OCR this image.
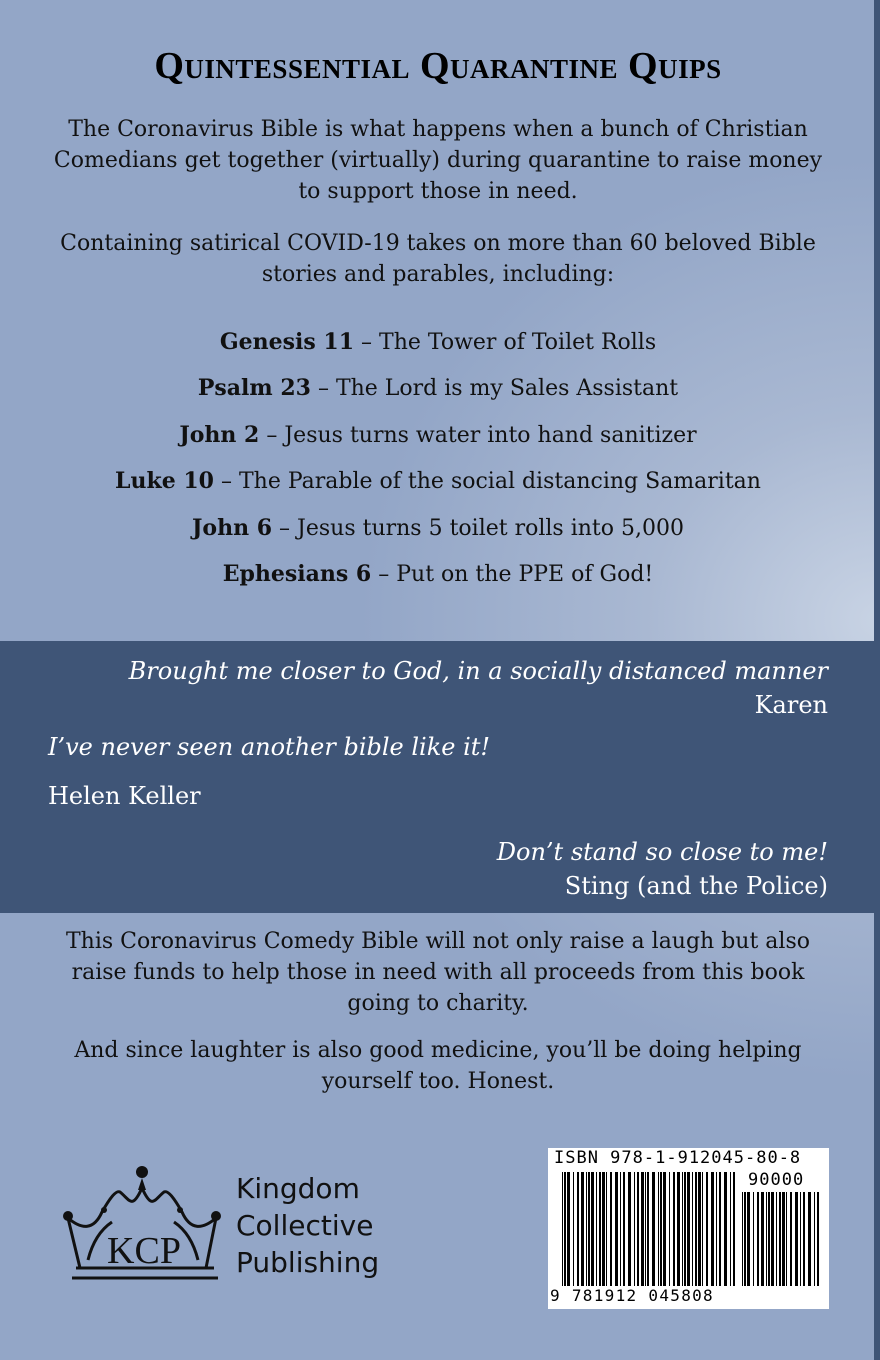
Quintessential Quarantine Quips
The Coronavirus Bible is what happens when a bunch of Christian Comedians get together (virtually) during quarantine to raise money to support those in need.
Containing satirical COVID-19 takes on more than 60 beloved Bible stories and parables, including:
Genesis 11 – The Tower of Toilet Rolls
Psalm 23 – The Lord is my Sales Assistant
John 2 – Jesus turns water into hand sanitizer
Luke 10 – The Parable of the social distancing Samaritan
John 6 – Jesus turns 5 toilet rolls into 5,000
Ephesians 6 – Put on the PPE of God!
Brought me closer to God, in a socially distanced manner
Karen
I’ve never seen another bible like it!
Helen Keller
Don’t stand so close to me!
Sting (and the Police)
This Coronavirus Comedy Bible will not only raise a laugh but also raise funds to help those in need with all proceeds from this book going to charity.
And since laughter is also good medicine, you’ll be doing helping yourself too. Honest.
KCP
Kingdom
Collective
Publishing
ISBN 978-1-912045-80-8
90000
9 781912 045808
